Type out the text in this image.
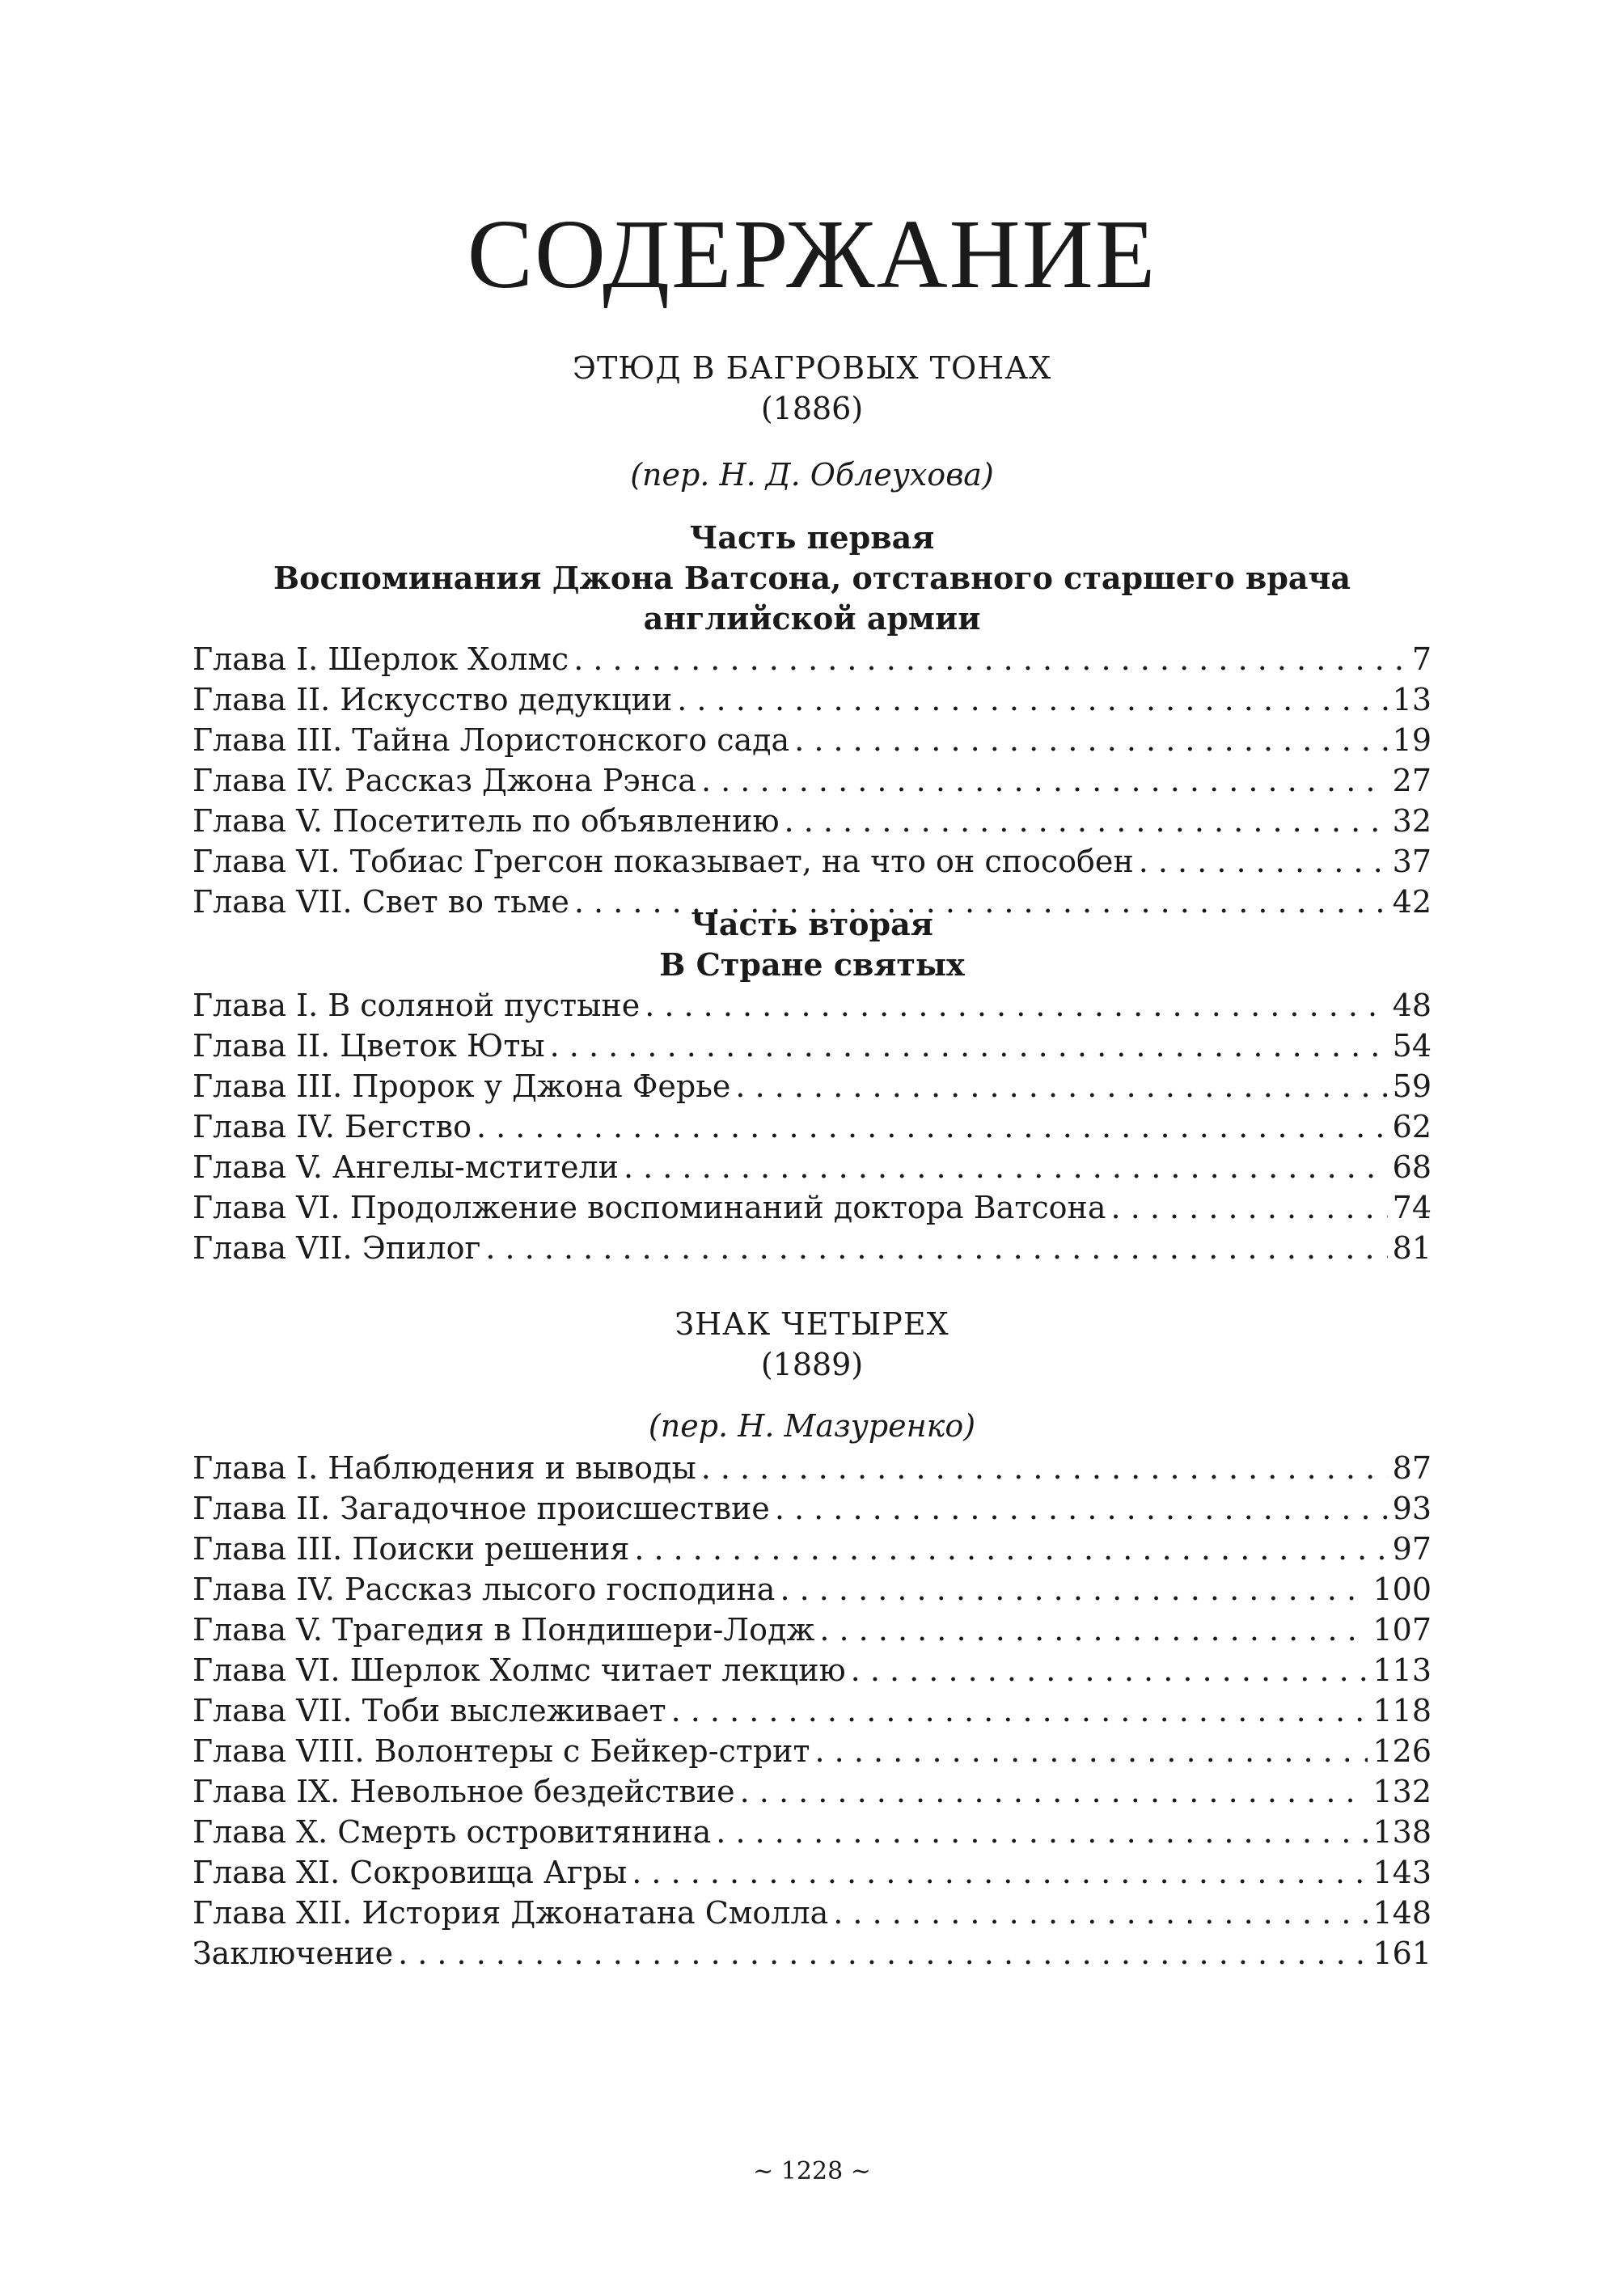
СОДЕРЖАНИЕ

ЭТЮД В БАГРОВЫХ ТОНАХ

(1886)

(пер. Н. Д. Облеухова)

Часть первая

Воспоминания Джона Ватсона, отставного старшего врача английской армии

Глава I. Шерлок Холмс . . .	7
Глава II. Искусство дедукции . . .	13
Глава III. Тайна Лористонского сада . . .	19
Глава IV. Рассказ Джона Рэнса . . .	27
Глава V. Посетитель по объявлению . . .	32
Глава VI. Тобиас Грегсон показывает, на что он способен . . .	37
Глава VII. Свет во тьме . . .	42

Часть вторая

В Стране святых

Глава I. В соляной пустыне . . .	48
Глава II. Цветок Юты . . .	54
Глава III. Пророк у Джона Ферье . . .	59
Глава IV. Бегство . . .	62
Глава V. Ангелы-мстители . . .	68
Глава VI. Продолжение воспоминаний доктора Ватсона . . .	74
Глава VII. Эпилог . . .	81

ЗНАК ЧЕТЫРЕХ

(1889)

(пер. Н. Мазуренко)

Глава I. Наблюдения и выводы . . .	87
Глава II. Загадочное происшествие . . .	93
Глава III. Поиски решения . . .	97
Глава IV. Рассказ лысого господина . . .	100
Глава V. Трагедия в Пондишери-Лодж . . .	107
Глава VI. Шерлок Холмс читает лекцию . . .	113
Глава VII. Тоби выслеживает . . .	118
Глава VIII. Волонтеры с Бейкер-стрит . . .	126
Глава IX. Невольное бездействие . . .	132
Глава X. Смерть островитянина . . .	138
Глава XI. Сокровища Агры . . .	143
Глава XII. История Джонатана Смолла . . .	148
Заключение . . .	161
~ 1228 ~
